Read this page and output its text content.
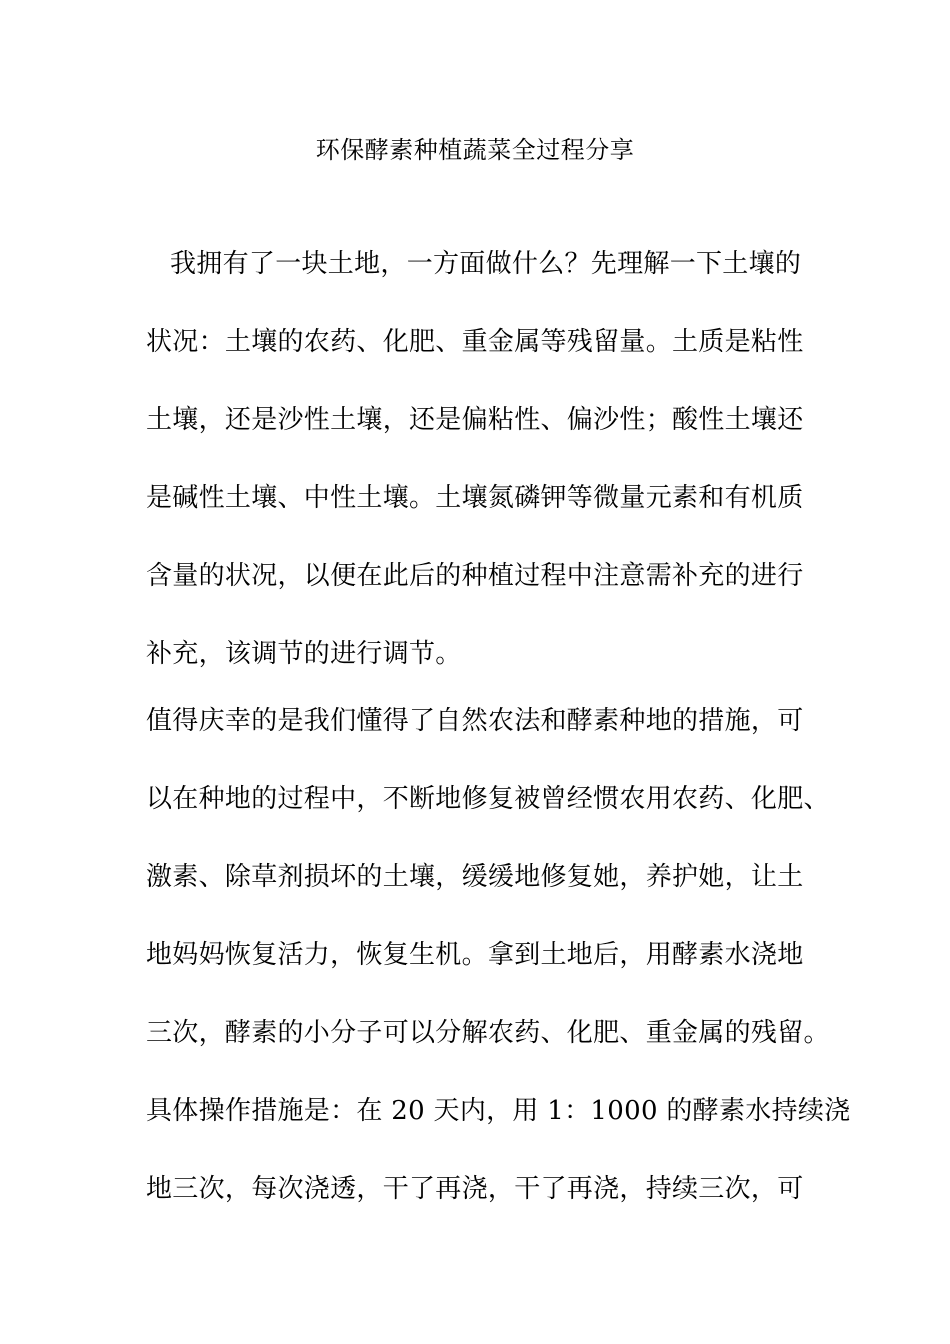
环保酵素种植蔬菜全过程分享
我拥有了一块土地，一方面做什么？先理解一下土壤的
状况：土壤的农药、化肥、重金属等残留量。土质是粘性
土壤，还是沙性土壤，还是偏粘性、偏沙性；酸性土壤还
是碱性土壤、中性土壤。土壤氮磷钾等微量元素和有机质
含量的状况，以便在此后的种植过程中注意需补充的进行
补充，该调节的进行调节。
值得庆幸的是我们懂得了自然农法和酵素种地的措施，可
以在种地的过程中，不断地修复被曾经惯农用农药、化肥、
激素、除草剂损坏的土壤，缓缓地修复她，养护她，让土
地妈妈恢复活力，恢复生机。拿到土地后，用酵素水浇地
三次，酵素的小分子可以分解农药、化肥、重金属的残留。
具体操作措施是：在 20 天内，用 1：1000 的酵素水持续浇
地三次，每次浇透，干了再浇，干了再浇，持续三次，可
